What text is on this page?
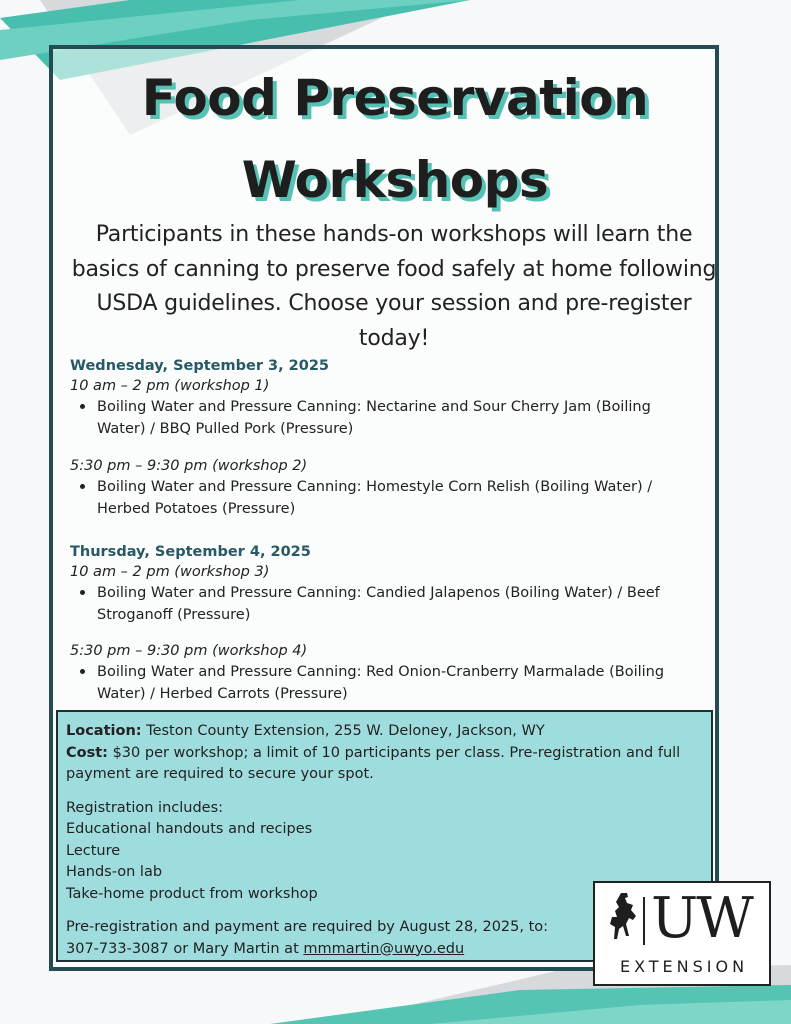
Food Preservation
Workshops
Participants in these hands-on workshops will learn the basics of canning to preserve food safely at home following USDA guidelines. Choose your session and pre-register today!
Wednesday, September 3, 2025
10 am – 2 pm (workshop 1)
Boiling Water and Pressure Canning: Nectarine and Sour Cherry Jam (Boiling
Water) / BBQ Pulled Pork (Pressure)
5:30 pm – 9:30 pm (workshop 2)
Boiling Water and Pressure Canning: Homestyle Corn Relish (Boiling Water) /
Herbed Potatoes (Pressure)
Thursday, September 4, 2025
10 am – 2 pm (workshop 3)
Boiling Water and Pressure Canning: Candied Jalapenos (Boiling Water) / Beef
Stroganoff (Pressure)
5:30 pm – 9:30 pm (workshop 4)
Boiling Water and Pressure Canning: Red Onion-Cranberry Marmalade (Boiling
Water) / Herbed Carrots (Pressure)
Location: Teston County Extension, 255 W. Deloney, Jackson, WY
Cost: $30 per workshop; a limit of 10 participants per class. Pre-registration and full
payment are required to secure your spot.
Registration includes:
Educational handouts and recipes
Lecture
Hands-on lab
Take-home product from workshop
Pre-registration and payment are required by August 28, 2025, to:
307-733-3087 or Mary Martin at mmmartin@uwyo.edu	UW
EXTENSION
